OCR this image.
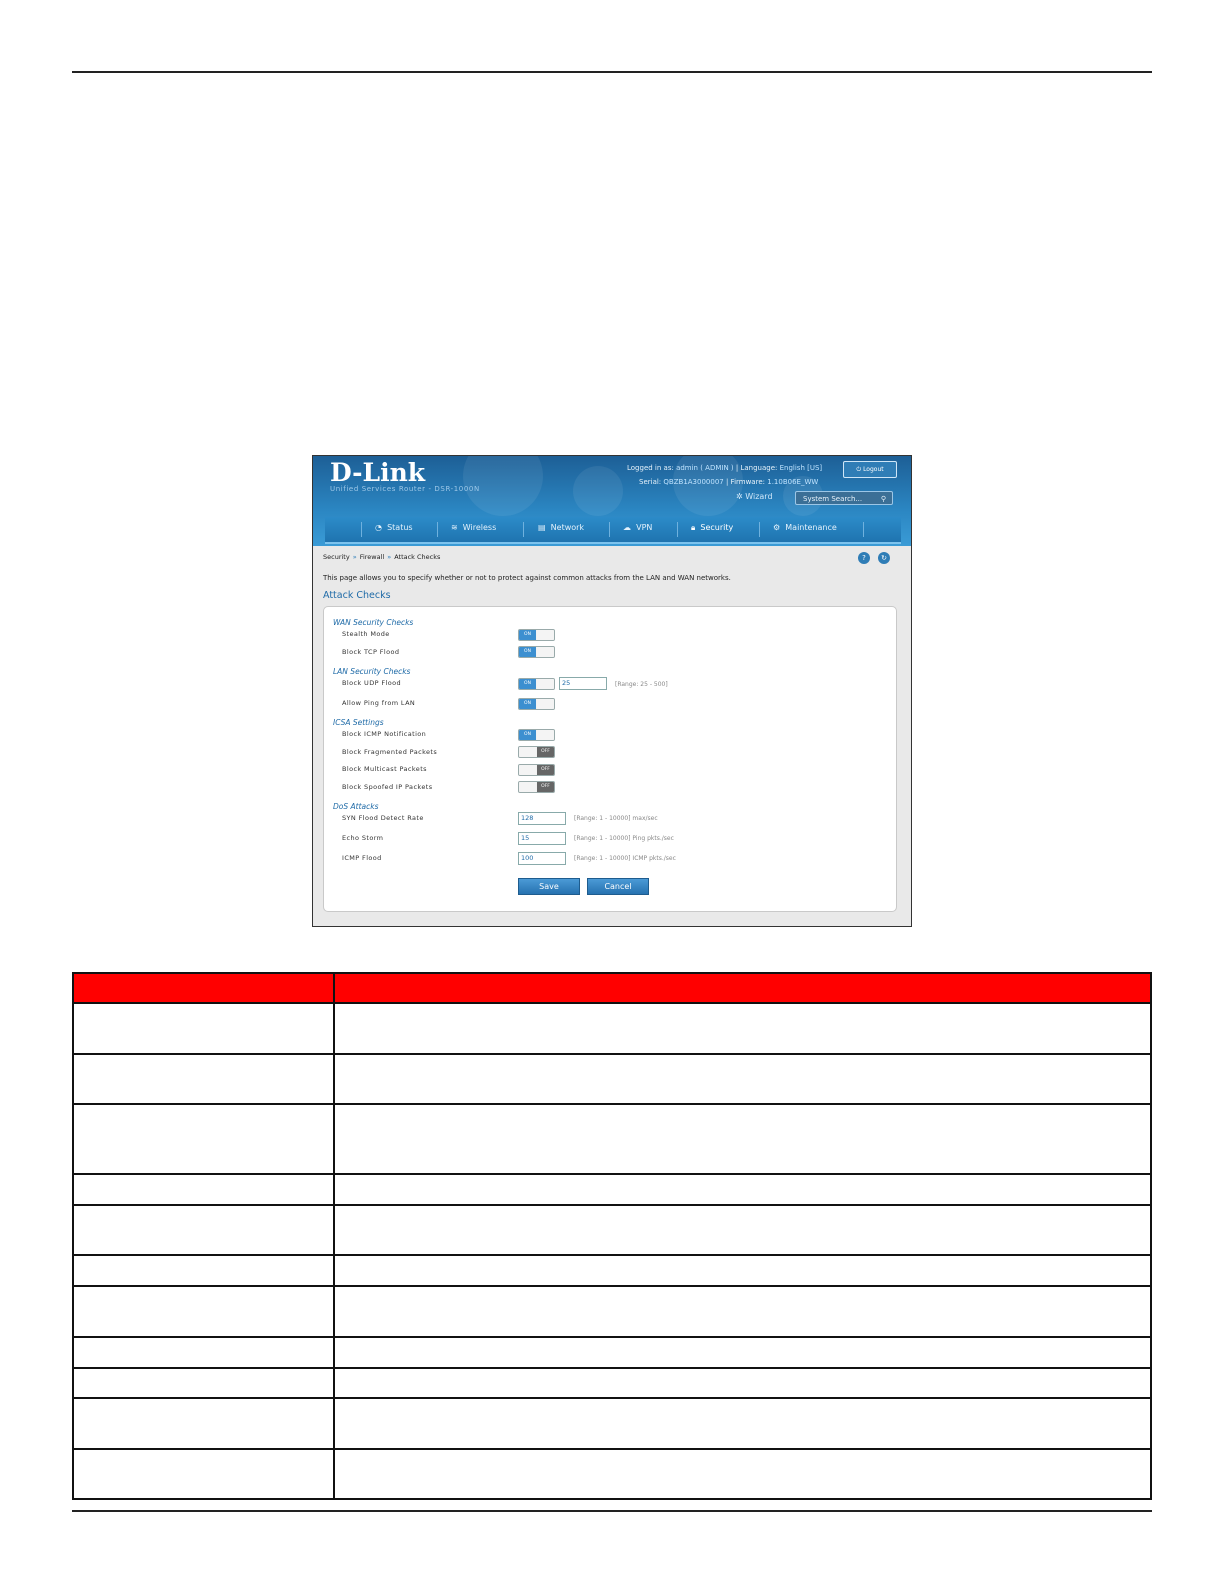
D-Link
Unified Services Router - DSR-1000N
Logged in as: admin ( ADMIN ) | Language: English [US]	⏻ Logout
Serial: QBZB1A3000007 | Firmware: 1.10B06E_WW
✲ Wizard	System Search...	⚲
◔ Status	≋ Wireless	▤ Network	☁ VPN	🔒︎ Security	⚙ Maintenance
Security » Firewall » Attack Checks	?	↻
This page allows you to specify whether or not to protect against common attacks from the LAN and WAN networks.
Attack Checks
WAN Security Checks
Stealth Mode	ON
Block TCP Flood	ON
LAN Security Checks
Block UDP Flood	ON	25	[Range: 25 - 500]
Allow Ping from LAN	ON
ICSA Settings
Block ICMP Notification	ON
Block Fragmented Packets	OFF
Block Multicast Packets	OFF
Block Spoofed IP Packets	OFF
DoS Attacks
SYN Flood Detect Rate	128	[Range: 1 - 10000] max/sec
Echo Storm	15	[Range: 1 - 10000] Ping pkts./sec
ICMP Flood	100	[Range: 1 - 10000] ICMP pkts./sec
Save	Cancel
